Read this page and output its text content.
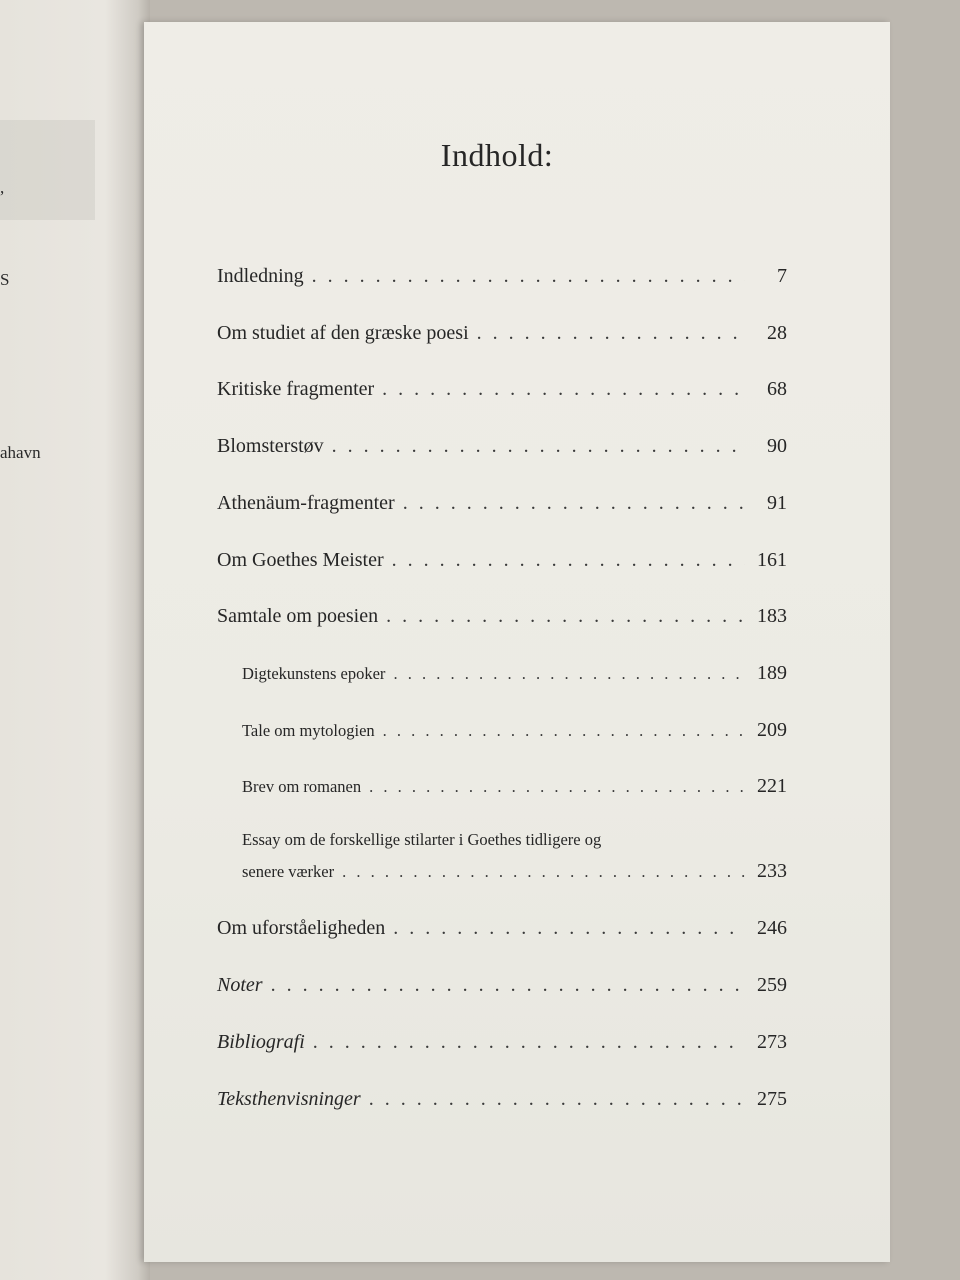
,
S
ahavn
Indhold:
Indledning . . .	7
Om studiet af den græske poesi . . .	28
Kritiske fragmenter . . .	68
Blomsterstøv . . .	90
Athenäum-fragmenter . . .	91
Om Goethes Meister . . .	161
Samtale om poesien . . .	183
Digtekunstens epoker . . .	189
Tale om mytologien . . .	209
Brev om romanen . . .	221
Essay om de forskellige stilarter i Goethes tidligere og
senere værker . . .	233
Om uforståeligheden . . .	246
Noter . . .	259
Bibliografi . . .	273
Teksthenvisninger . . .	275
